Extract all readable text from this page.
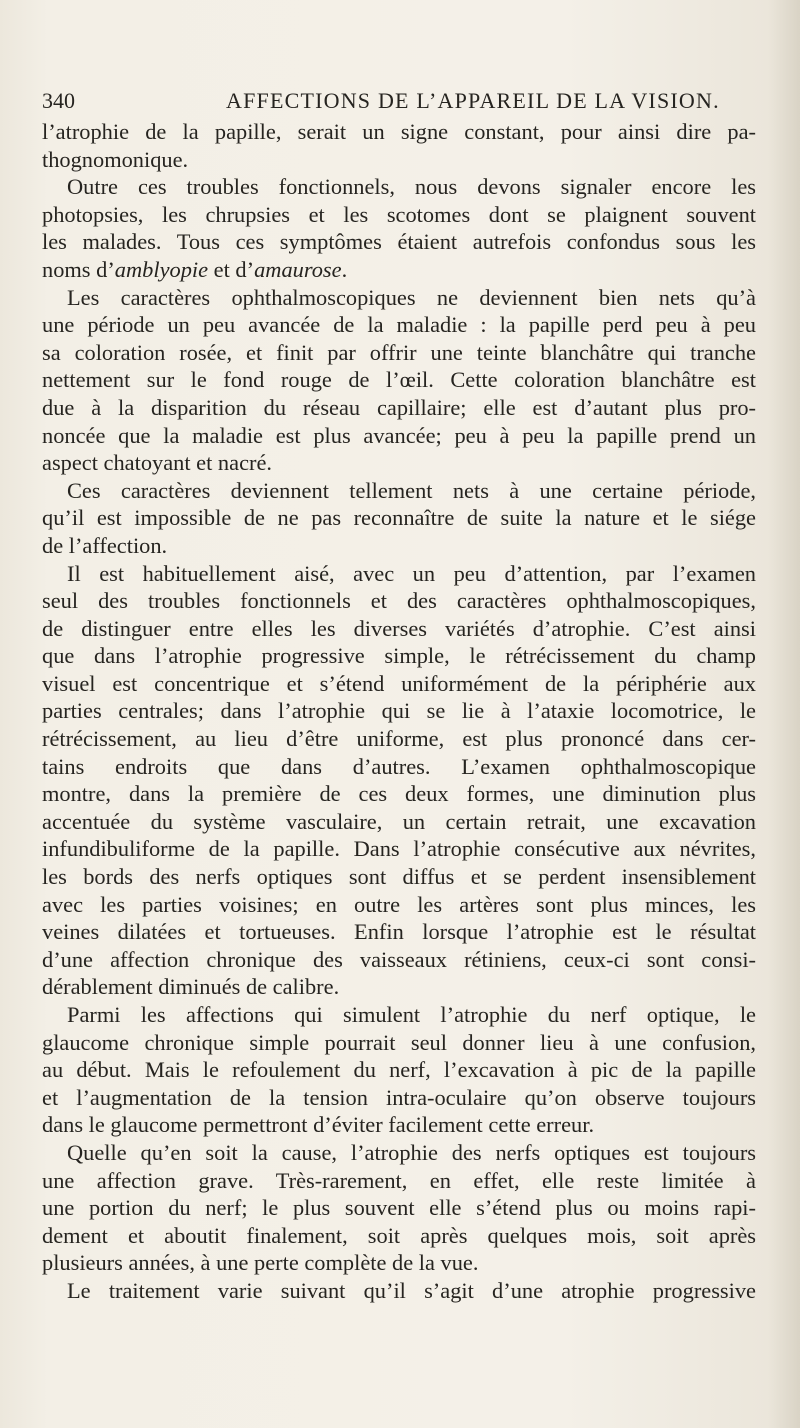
340	AFFECTIONS DE L’APPAREIL DE LA VISION.
l’atrophie de la papille, serait un signe constant, pour ainsi dire pa-
thognomonique.
Outre ces troubles fonctionnels, nous devons signaler encore les
photopsies, les chrupsies et les scotomes dont se plaignent souvent
les malades. Tous ces symptômes étaient autrefois confondus sous les
noms d’amblyopie et d’amaurose.
Les caractères ophthalmoscopiques ne deviennent bien nets qu’à
une période un peu avancée de la maladie : la papille perd peu à peu
sa coloration rosée, et finit par offrir une teinte blanchâtre qui tranche
nettement sur le fond rouge de l’œil. Cette coloration blanchâtre est
due à la disparition du réseau capillaire; elle est d’autant plus pro-
noncée que la maladie est plus avancée; peu à peu la papille prend un
aspect chatoyant et nacré.
Ces caractères deviennent tellement nets à une certaine période,
qu’il est impossible de ne pas reconnaître de suite la nature et le siége
de l’affection.
Il est habituellement aisé, avec un peu d’attention, par l’examen
seul des troubles fonctionnels et des caractères ophthalmoscopiques,
de distinguer entre elles les diverses variétés d’atrophie. C’est ainsi
que dans l’atrophie progressive simple, le rétrécissement du champ
visuel est concentrique et s’étend uniformément de la périphérie aux
parties centrales; dans l’atrophie qui se lie à l’ataxie locomotrice, le
rétrécissement, au lieu d’être uniforme, est plus prononcé dans cer-
tains endroits que dans d’autres. L’examen ophthalmoscopique
montre, dans la première de ces deux formes, une diminution plus
accentuée du système vasculaire, un certain retrait, une excavation
infundibuliforme de la papille. Dans l’atrophie consécutive aux névrites,
les bords des nerfs optiques sont diffus et se perdent insensiblement
avec les parties voisines; en outre les artères sont plus minces, les
veines dilatées et tortueuses. Enfin lorsque l’atrophie est le résultat
d’une affection chronique des vaisseaux rétiniens, ceux-ci sont consi-
dérablement diminués de calibre.
Parmi les affections qui simulent l’atrophie du nerf optique, le
glaucome chronique simple pourrait seul donner lieu à une confusion,
au début. Mais le refoulement du nerf, l’excavation à pic de la papille
et l’augmentation de la tension intra-oculaire qu’on observe toujours
dans le glaucome permettront d’éviter facilement cette erreur.
Quelle qu’en soit la cause, l’atrophie des nerfs optiques est toujours
une affection grave. Très-rarement, en effet, elle reste limitée à
une portion du nerf; le plus souvent elle s’étend plus ou moins rapi-
dement et aboutit finalement, soit après quelques mois, soit après
plusieurs années, à une perte complète de la vue.
Le traitement varie suivant qu’il s’agit d’une atrophie progressive
